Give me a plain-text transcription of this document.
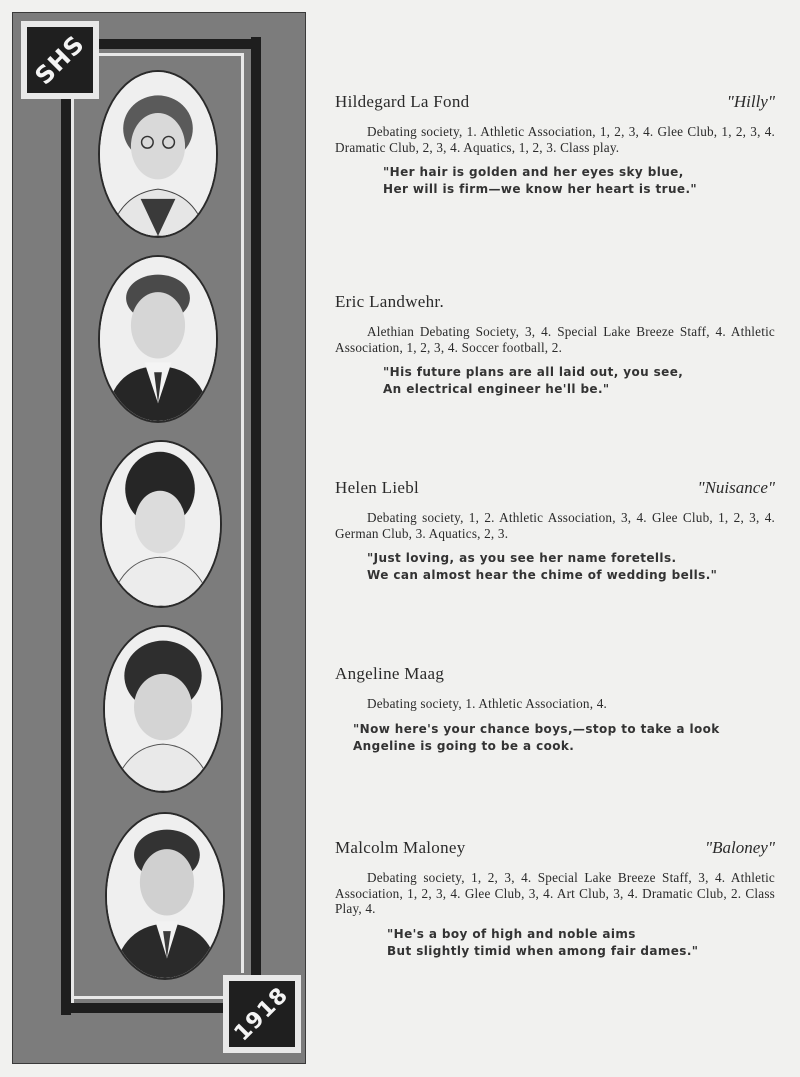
SHS
1918
Hildegard La Fond	"Hilly"
Debating society, 1. Athletic Association, 1, 2, 3, 4. Glee Club, 1, 2, 3, 4. Dramatic Club, 2, 3, 4. Aquatics, 1, 2, 3. Class play.
"Her hair is golden and her eyes sky blue,
Her will is firm—we know her heart is true."
Eric Landwehr.
Alethian Debating Society, 3, 4. Special Lake Breeze Staff, 4. Athletic Association, 1, 2, 3, 4. Soccer football, 2.
"His future plans are all laid out, you see,
An electrical engineer he'll be."
Helen Liebl	"Nuisance"
Debating society, 1, 2. Athletic Association, 3, 4. Glee Club, 1, 2, 3, 4. German Club, 3. Aquatics, 2, 3.
"Just loving, as you see her name foretells.
We can almost hear the chime of wedding bells."
Angeline Maag
Debating society, 1. Athletic Association, 4.
"Now here's your chance boys,—stop to take a look
Angeline is going to be a cook.
Malcolm Maloney	"Baloney"
Debating society, 1, 2, 3, 4. Special Lake Breeze Staff, 3, 4. Athletic Association, 1, 2, 3, 4. Glee Club, 3, 4. Art Club, 3, 4. Dramatic Club, 2. Class Play, 4.
"He's a boy of high and noble aims
But slightly timid when among fair dames."
